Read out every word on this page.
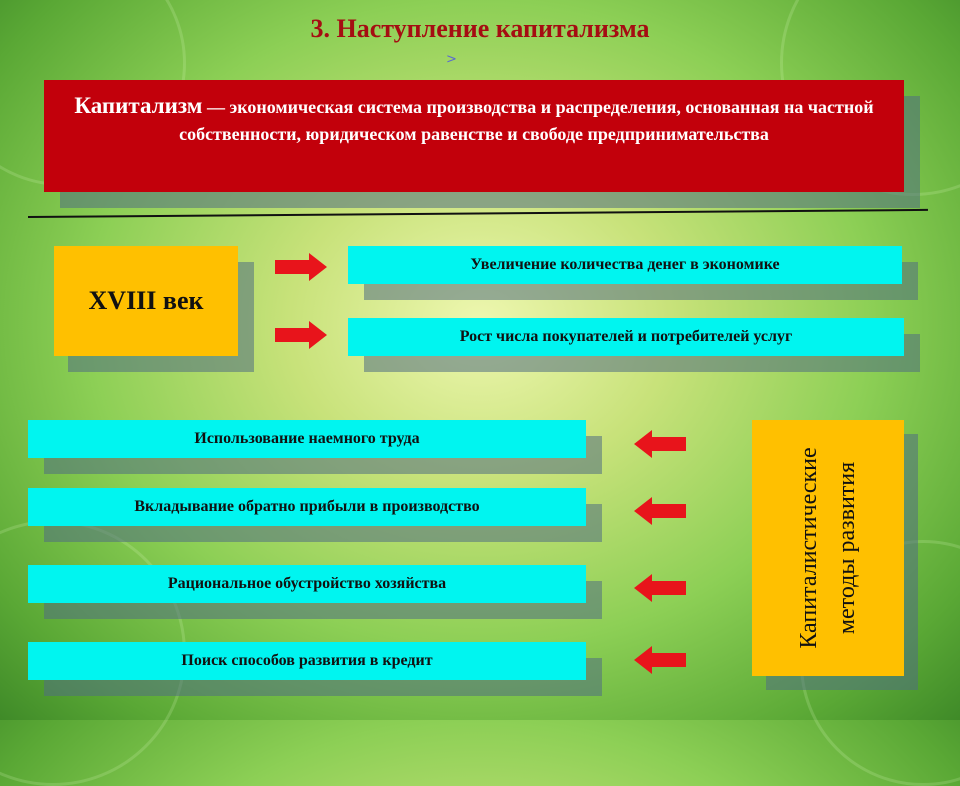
3. Наступление капитализма
>
Капитализм — экономическая система производства и распределения, основанная на частной собственности, юридическом равенстве и свободе предпринимательства
XVIII век
Увеличение количества денег в экономике
Рост числа покупателей и потребителей услуг
Использование наемного труда
Вкладывание обратно прибыли в производство
Рациональное обустройство хозяйства
Поиск способов развития в кредит
Капиталистические методы развития
